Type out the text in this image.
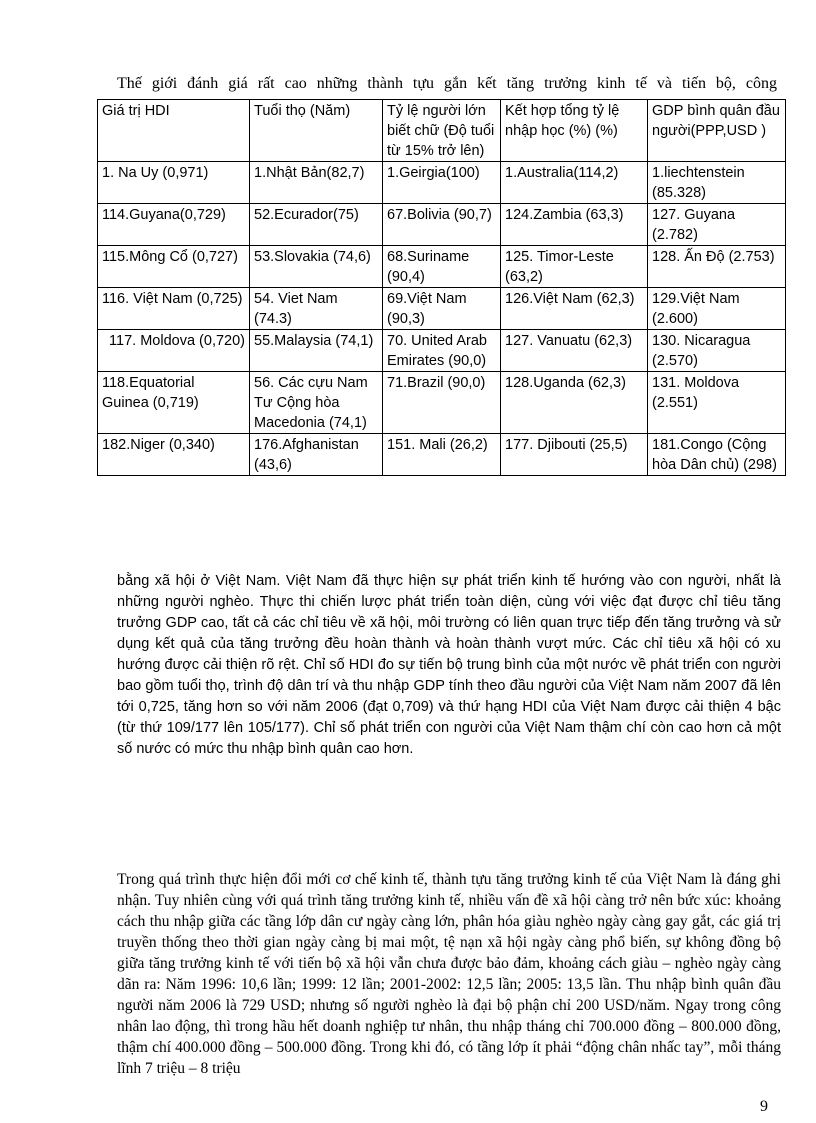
Thế giới đánh giá rất cao những thành tựu gắn kết tăng trưởng kinh tế và tiến bộ, công
Giá trị HDI	Tuổi thọ (Năm)	Tỷ lệ người lớn biết chữ (Độ tuổi từ 15% trở lên)	Kết hợp tổng tỷ lệ nhập học (%) (%)	GDP bình quân đầu người(PPP,USD )
1. Na Uy (0,971)	1.Nhật Bản(82,7)	1.Geirgia(100)	1.Australia(114,2)	1.liechtenstein (85.328)
114.Guyana(0,729)	52.Ecurador(75)	67.Bolivia (90,7)	124.Zambia (63,3)	127. Guyana (2.782)
115.Mông Cổ (0,727)	53.Slovakia (74,6)	68.Suriname (90,4)	125. Timor-Leste (63,2)	128. Ấn Độ (2.753)
116. Việt Nam (0,725)	54. Viet Nam (74.3)	69.Việt Nam (90,3)	126.Việt Nam (62,3)	129.Việt Nam (2.600)
117. Moldova (0,720)	55.Malaysia (74,1)	70. United Arab Emirates (90,0)	127. Vanuatu (62,3)	130. Nicaragua (2.570)
118.Equatorial Guinea (0,719)	56. Các cựu Nam Tư Cộng hòa Macedonia (74,1)	71.Brazil (90,0)	128.Uganda (62,3)	131. Moldova (2.551)
182.Niger (0,340)	176.Afghanistan (43,6)	151. Mali (26,2)	177. Djibouti (25,5)	181.Congo (Cộng hòa Dân chủ) (298)

bằng xã hội ở Việt Nam. Việt Nam đã thực hiện sự phát triển kinh tế hướng vào con người, nhất là những người nghèo. Thực thi chiến lược phát triển toàn diện, cùng với việc đạt được chỉ tiêu tăng trưởng GDP cao, tất cả các chỉ tiêu về xã hội, môi trường có liên quan trực tiếp đến tăng trưởng và sử dụng kết quả của tăng trưởng đều hoàn thành và hoàn thành vượt mức. Các chỉ tiêu xã hội có xu hướng được cải thiện rõ rệt. Chỉ số HDI đo sự tiến bộ trung bình của một nước về phát triển con người bao gồm tuổi thọ, trình độ dân trí và thu nhập GDP tính theo đầu người của Việt Nam năm 2007 đã lên tới 0,725, tăng hơn so với năm 2006 (đạt 0,709) và thứ hạng HDI của Việt Nam được cải thiện 4 bậc (từ thứ 109/177 lên 105/177). Chỉ số phát triển con người của Việt Nam thậm chí còn cao hơn cả một số nước có mức thu nhập bình quân cao hơn.

Trong quá trình thực hiện đổi mới cơ chế kinh tế, thành tựu tăng trưởng kinh tế của Việt Nam là đáng ghi nhận. Tuy nhiên cùng với quá trình tăng trưởng kinh tế, nhiều vấn đề xã hội càng trở nên bức xúc: khoảng cách thu nhập giữa các tầng lớp dân cư ngày càng lớn, phân hóa giàu nghèo ngày càng gay gắt, các giá trị truyền thống theo thời gian ngày càng bị mai một, tệ nạn xã hội ngày càng phổ biến, sự không đồng bộ giữa tăng trưởng kinh tế với tiến bộ xã hội vẫn chưa được bảo đảm, khoảng cách giàu – nghèo ngày càng dãn ra: Năm 1996: 10,6 lần; 1999: 12 lần; 2001-2002: 12,5 lần; 2005: 13,5 lần. Thu nhập bình quân đầu người năm 2006 là 729 USD; nhưng số người nghèo là đại bộ phận chỉ 200 USD/năm. Ngay trong công nhân lao động, thì trong hầu hết doanh nghiệp tư nhân, thu nhập tháng chỉ 700.000 đồng – 800.000 đồng, thậm chí 400.000 đồng – 500.000 đồng. Trong khi đó, có tầng lớp ít phải “động chân nhấc tay”, mỗi tháng lĩnh 7 triệu – 8 triệu

9
